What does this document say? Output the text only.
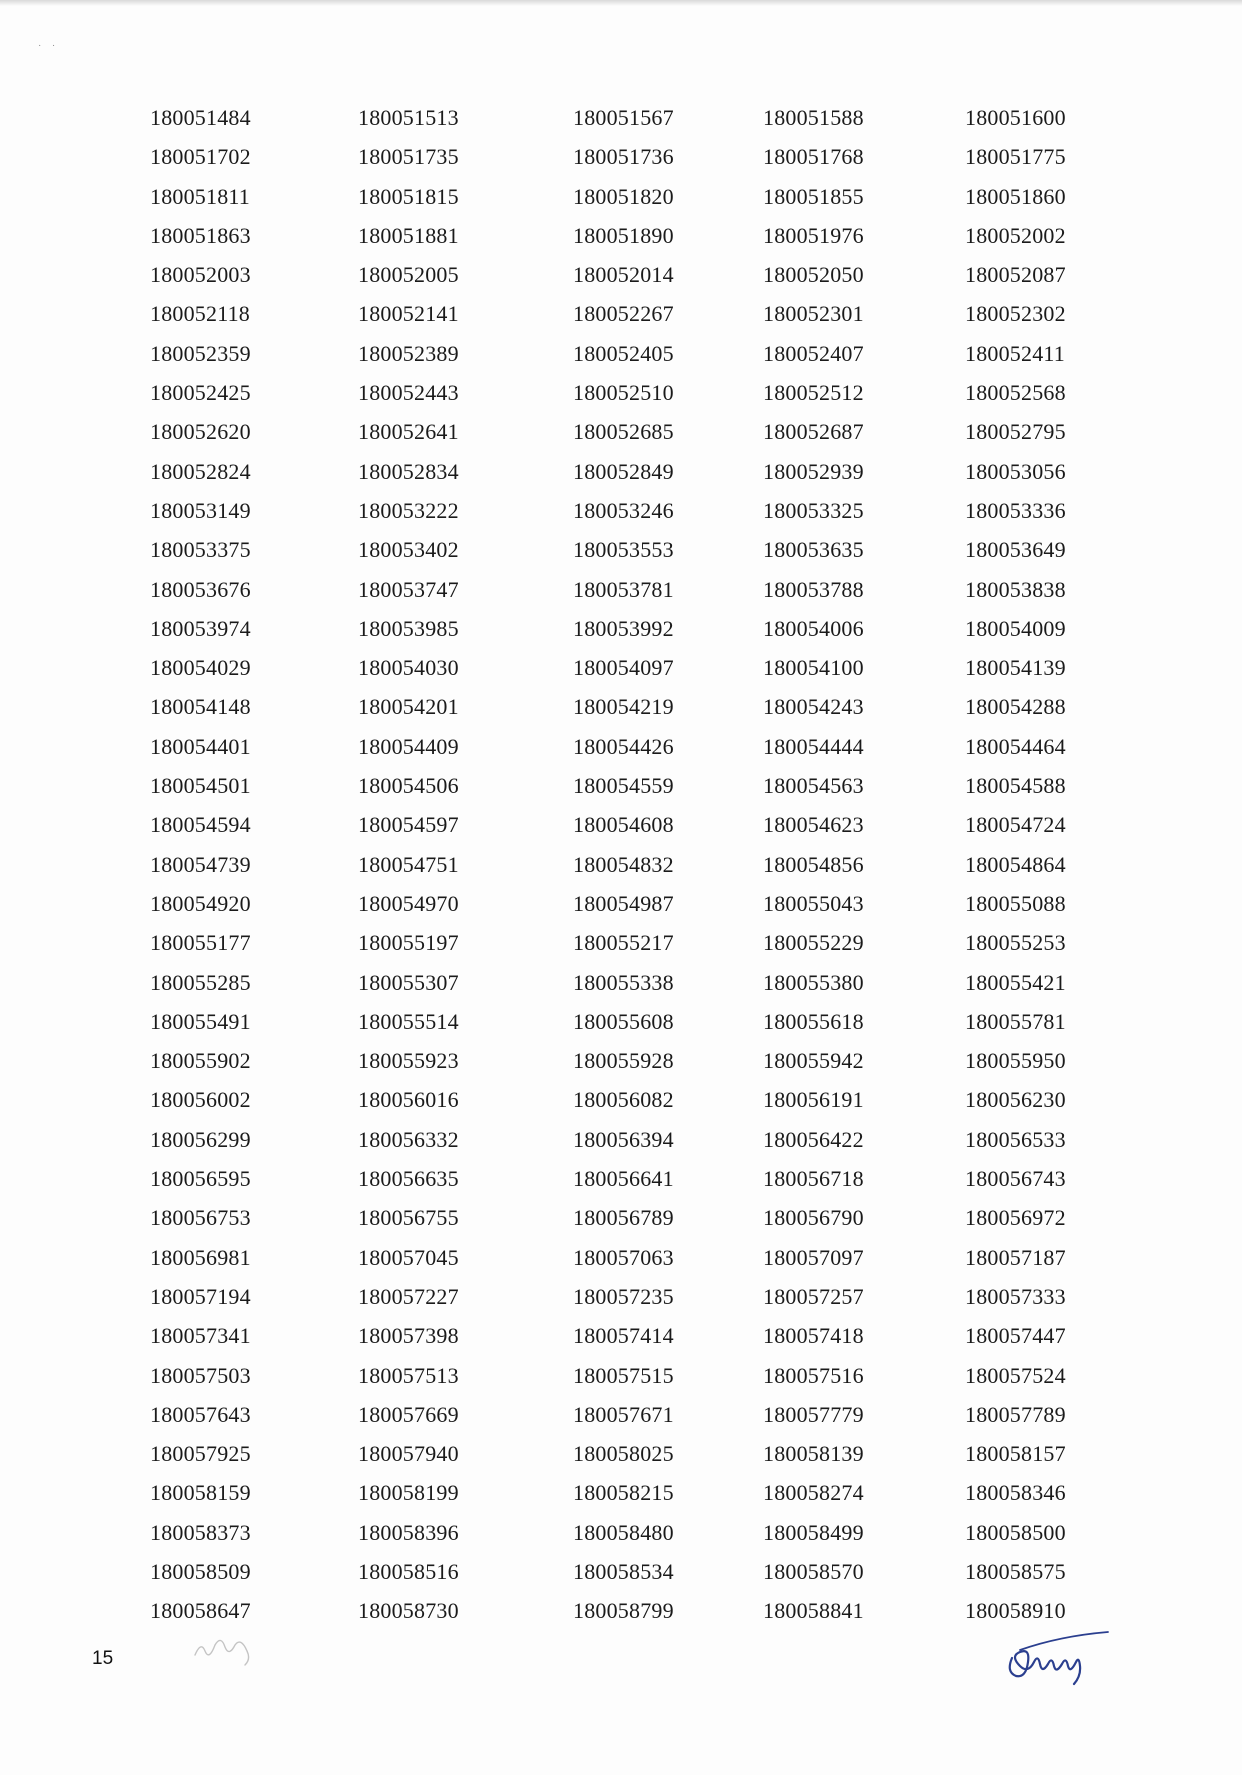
˙ ˙
180051484	180051513	180051567	180051588	180051600
180051702	180051735	180051736	180051768	180051775
180051811	180051815	180051820	180051855	180051860
180051863	180051881	180051890	180051976	180052002
180052003	180052005	180052014	180052050	180052087
180052118	180052141	180052267	180052301	180052302
180052359	180052389	180052405	180052407	180052411
180052425	180052443	180052510	180052512	180052568
180052620	180052641	180052685	180052687	180052795
180052824	180052834	180052849	180052939	180053056
180053149	180053222	180053246	180053325	180053336
180053375	180053402	180053553	180053635	180053649
180053676	180053747	180053781	180053788	180053838
180053974	180053985	180053992	180054006	180054009
180054029	180054030	180054097	180054100	180054139
180054148	180054201	180054219	180054243	180054288
180054401	180054409	180054426	180054444	180054464
180054501	180054506	180054559	180054563	180054588
180054594	180054597	180054608	180054623	180054724
180054739	180054751	180054832	180054856	180054864
180054920	180054970	180054987	180055043	180055088
180055177	180055197	180055217	180055229	180055253
180055285	180055307	180055338	180055380	180055421
180055491	180055514	180055608	180055618	180055781
180055902	180055923	180055928	180055942	180055950
180056002	180056016	180056082	180056191	180056230
180056299	180056332	180056394	180056422	180056533
180056595	180056635	180056641	180056718	180056743
180056753	180056755	180056789	180056790	180056972
180056981	180057045	180057063	180057097	180057187
180057194	180057227	180057235	180057257	180057333
180057341	180057398	180057414	180057418	180057447
180057503	180057513	180057515	180057516	180057524
180057643	180057669	180057671	180057779	180057789
180057925	180057940	180058025	180058139	180058157
180058159	180058199	180058215	180058274	180058346
180058373	180058396	180058480	180058499	180058500
180058509	180058516	180058534	180058570	180058575
180058647	180058730	180058799	180058841	180058910
15
